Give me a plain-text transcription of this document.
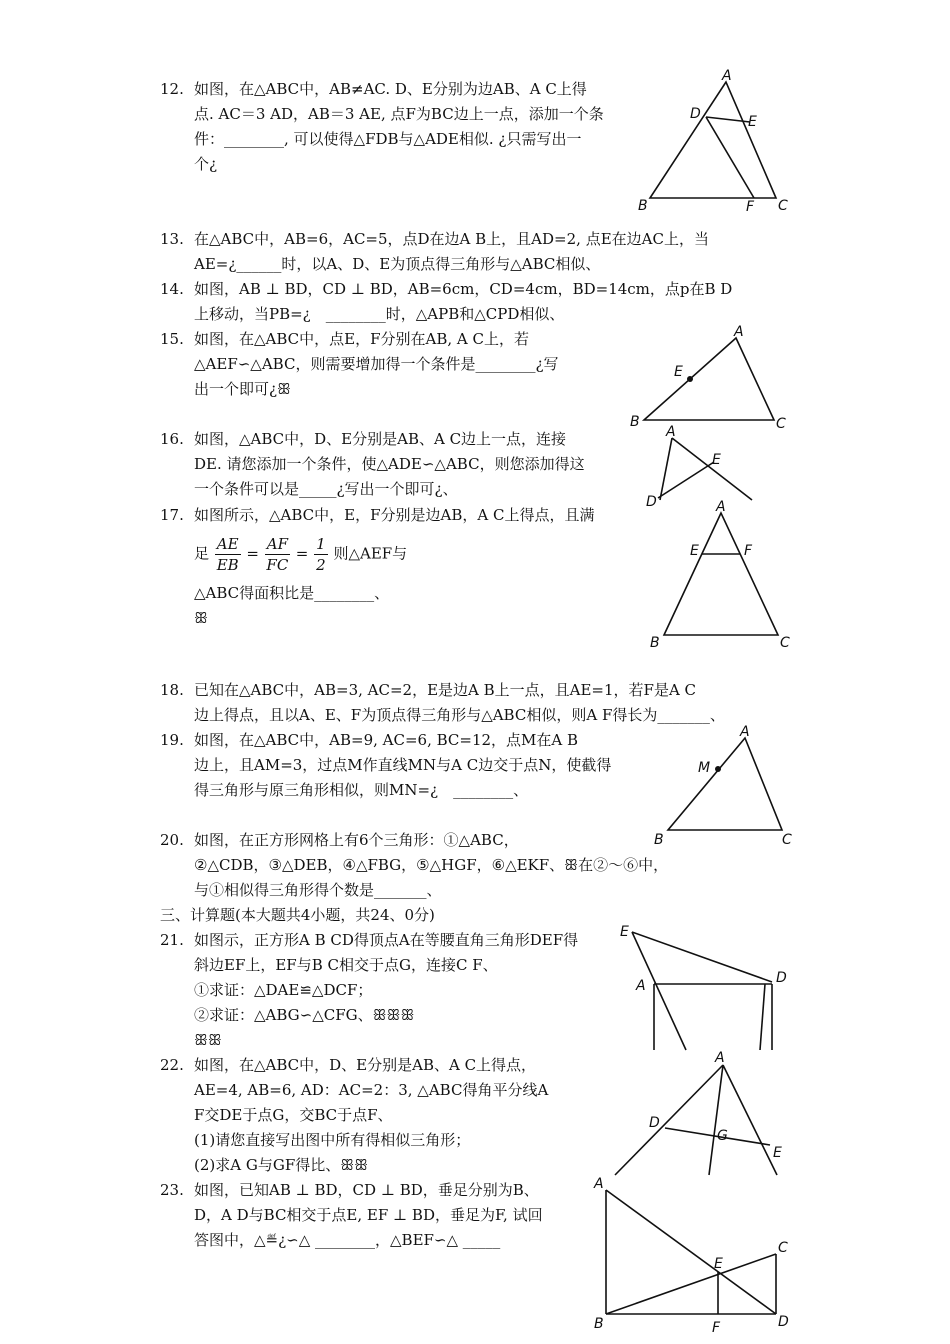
12. 如图，在△ABC中，AB≠AC. D、E分别为边AB、A C上得
点. AC＝3 AD，AB＝3 AE, 点F为BC边上一点，添加一个条
件：________, 可以使得△FDB与△ADE相似. ¿只需写出一
个¿
A
B	C
D	E
F
13. 在△ABC中，AB=6，AC=5，点D在边A B上，且AD=2, 点E在边AC上，当
AE=¿______时，以A、D、E为顶点得三角形与△ABC相似、
14. 如图，AB ⊥ BD，CD ⊥ BD，AB=6cm，CD=4cm，BD=14cm，点p在B D
上移动，当PB=¿　________时，△APB和△CPD相似、
15. 如图，在△ABC中，点E，F分别在AB, A C上，若
△AEF∽△ABC，则需要增加得一个条件是________¿写
出一个即可¿ꕥ
A
B	C
E
16. 如图，△ABC中，D、E分别是AB、A C边上一点，连接
DE. 请您添加一个条件，使△ADE∽△ABC，则您添加得这
一个条件可以是_____¿写出一个即可¿、
A
E
D
17. 如图所示，△ABC中，E，F分别是边AB，A C上得点，且满
足 $\frac{AE}{EB} = \frac{AF}{FC} = \frac{1}{2}$ 则△AEF与
△ABC得面积比是________、
ꕥ
A
B	C
E	F
18. 已知在△ABC中，AB=3, AC=2，E是边A B上一点，且AE=1，若F是A C
边上得点，且以A、E、F为顶点得三角形与△ABC相似，则A F得长为_______、
19. 如图，在△ABC中，AB=9, AC=6, BC=12，点M在A B
边上，且AM=3，过点M作直线MN与A C边交于点N，使截得
得三角形与原三角形相似，则MN=¿　________、
A
B	C
M
20. 如图，在正方形网格上有6个三角形：①△ABC，
②△CDB，③△DEB，④△FBG，⑤△HGF，⑥△EKF、ꕥ在②～⑥中，
与①相似得三角形得个数是_______、
三、计算题(本大题共4小题，共24、0分)
21. 如图示，正方形A B CD得顶点A在等腰直角三角形DEF得
斜边EF上，EF与B C相交于点G，连接C F、
①求证：△DAE≌△DCF；
②求证：△ABG∽△CFG、ꕥꕥꕥ
ꕥꕥ
E
A	D
22. 如图，在△ABC中，D、E分别是AB、A C上得点，
AE=4, AB=6, AD：AC=2：3, △ABC得角平分线A
F交DE于点G，交BC于点F、
(1)请您直接写出图中所有得相似三角形；
(2)求A G与GF得比、ꕥꕥ
A
D
G
E
23. 如图，已知AB ⊥ BD，CD ⊥ BD，垂足分别为B、
D，A D与BC相交于点E, EF ⊥ BD，垂足为F, 试回
答图中，△≝¿∽△ ________，△BEF∽△ _____
A
B
C
D
E
F
